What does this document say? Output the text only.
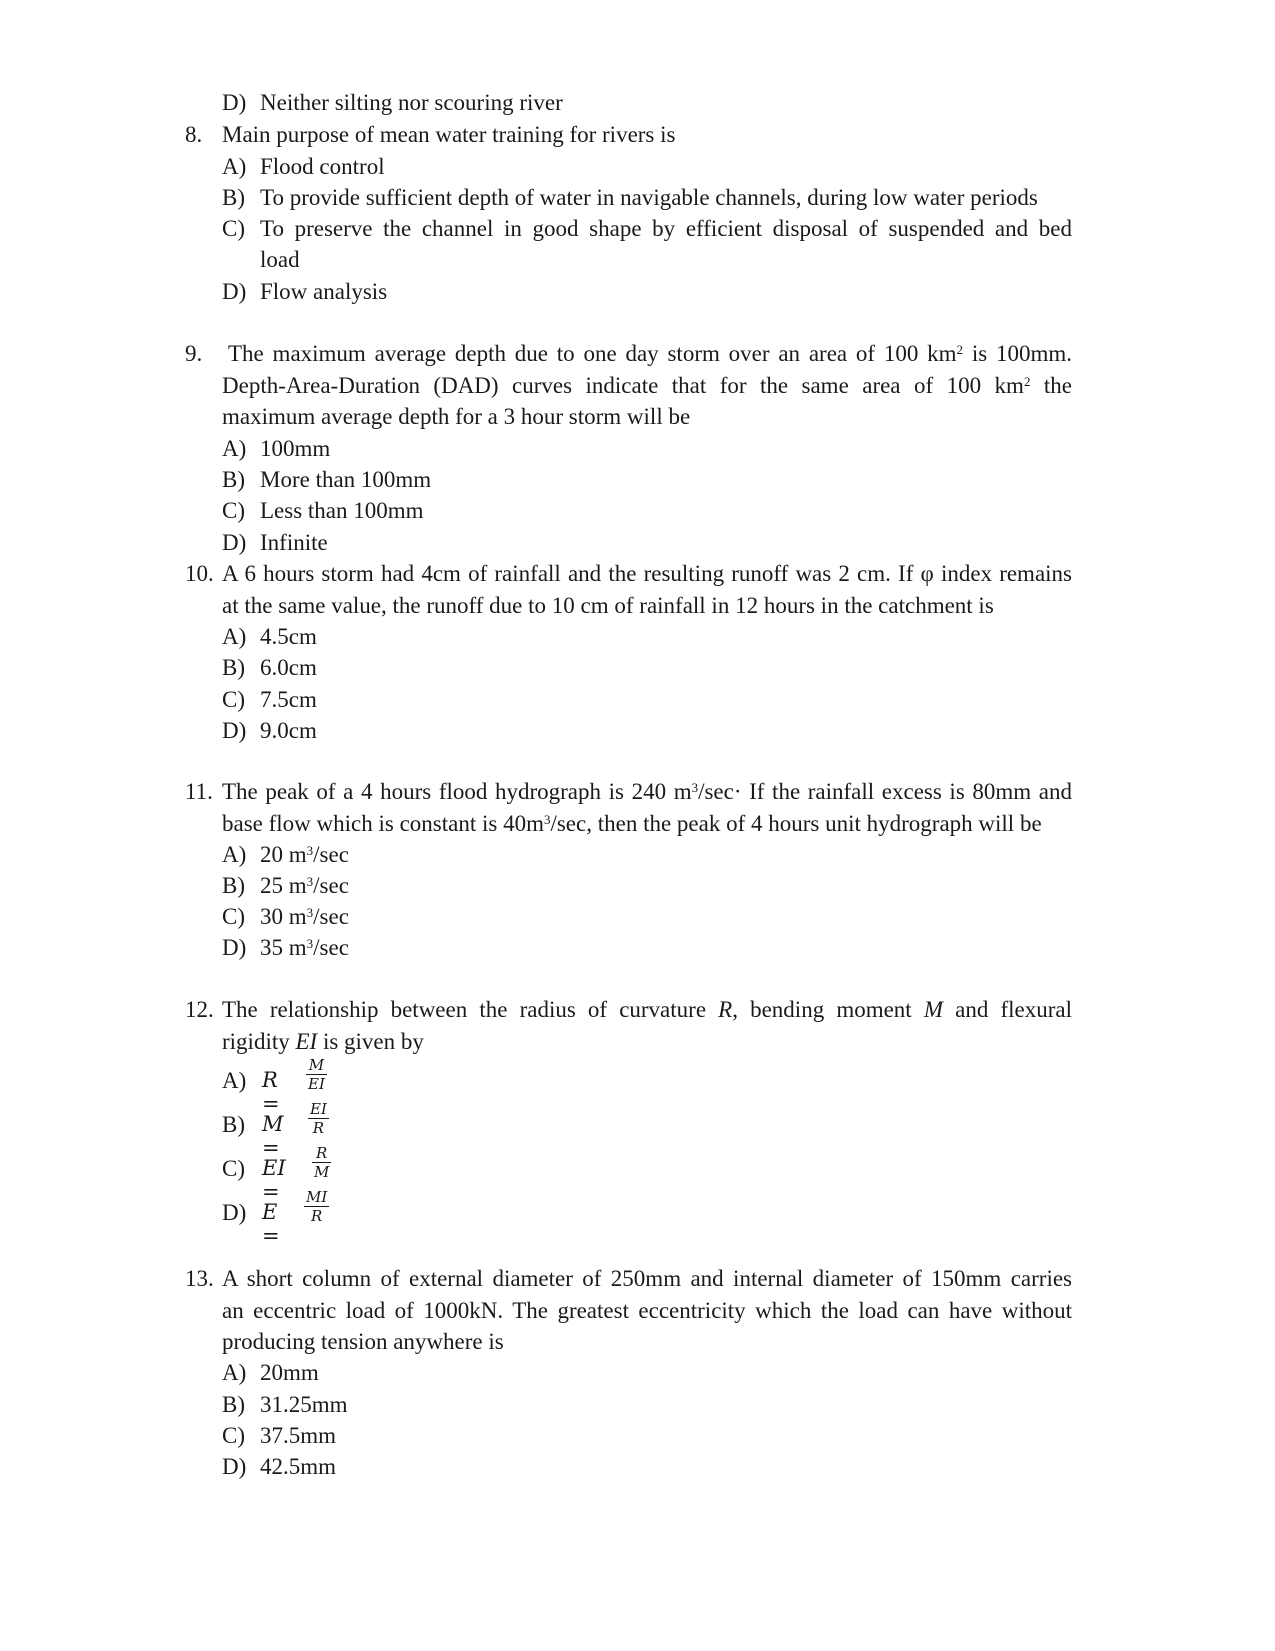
D) Neither silting nor scouring river
8. Main purpose of mean water training for rivers is
A) Flood control
B) To provide sufficient depth of water in navigable channels, during low water periods
C) To preserve the channel in good shape by efficient disposal of suspended and bed
load
D) Flow analysis
9. The maximum average depth due to one day storm over an area of 100 $km^2$ is 100mm.
Depth-Area-Duration (DAD) curves indicate that for the same area of 100 $km^2$ the
maximum average depth for a 3 hour storm will be
A) 100mm
B) More than 100mm
C) Less than 100mm
D) Infinite
10. A 6 hours storm had 4cm of rainfall and the resulting runoff was 2 cm. If φ index remains
at the same value, the runoff due to 10 cm of rainfall in 12 hours in the catchment is
A) 4.5cm
B) 6.0cm
C) 7.5cm
D) 9.0cm
11. The peak of a 4 hours flood hydrograph is 240 $m^3/\sec\cdot If$ the rainfall excess is 80mm and
base flow which is constant is $40m^3/\sec$, then the peak of 4 hours unit hydrograph will be
A) 20 $m^3/\sec$
B) 25 $m^3/\sec$
C) 30 $m^3/\sec$
D) 35 $m^3/\sec$
12. The relationship between the radius of curvature R, bending moment M and flexural
rigidity EI is given by
A) R =
$\frac{M}{EI}$
B) M =
$\frac{EI}{R}$
C) EI =
$\frac{R}{M}$
D) E =
$\frac{MI}{R}$
13. A short column of external diameter of 250mm and internal diameter of 150mm carries
an eccentric load of 1000kN. The greatest eccentricity which the load can have without
producing tension anywhere is
A) 20mm
B) 31.25mm
C) 37.5mm
D) 42.5mm
